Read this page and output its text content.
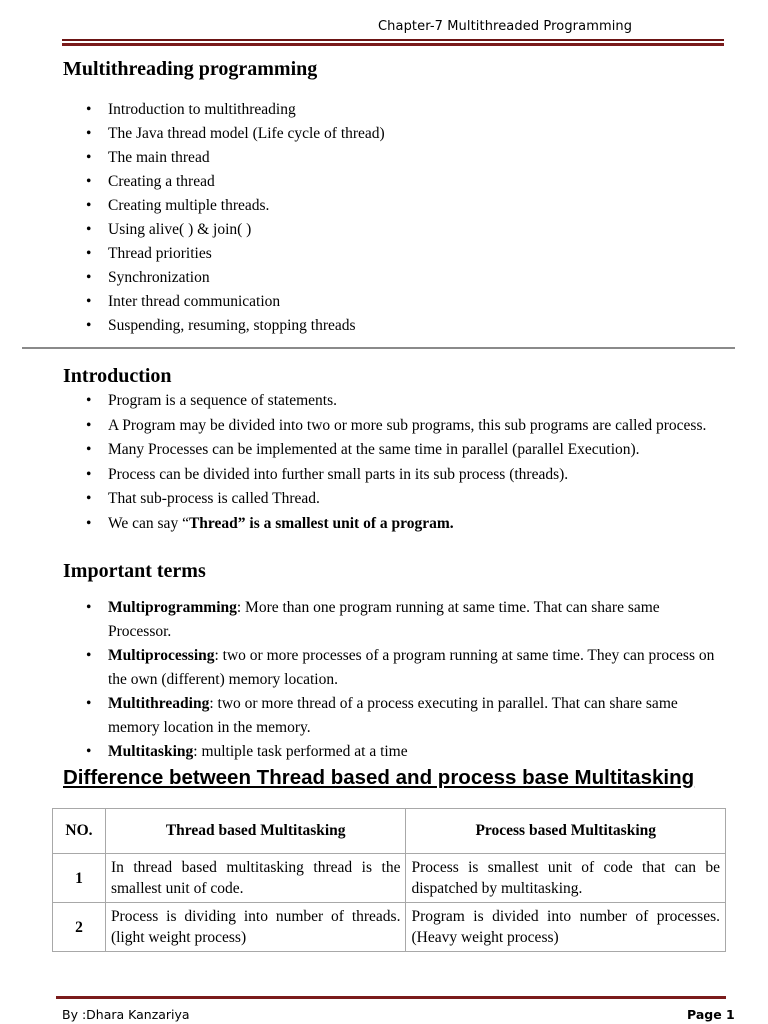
Chapter-7 Multithreaded Programming
Multithreading programming
• Introduction to multithreading
• The Java thread model (Life cycle of thread)
• The main thread
• Creating a thread
• Creating multiple threads.
• Using alive( ) & join( )
• Thread priorities
• Synchronization
• Inter thread communication
• Suspending, resuming, stopping threads
Introduction
• Program is a sequence of statements.
• A Program may be divided into two or more sub programs, this sub programs are called process.
• Many Processes can be implemented at the same time in parallel (parallel Execution).
• Process can be divided into further small parts in its sub process (threads).
• That sub-process is called Thread.
• We can say “Thread” is a smallest unit of a program.
Important terms
• Multiprogramming: More than one program running at same time. That can share same Processor.
• Multiprocessing: two or more processes of a program running at same time. They can process on the own (different) memory location.
• Multithreading: two or more thread of a process executing in parallel. That can share same memory location in the memory.
• Multitasking: multiple task performed at a time
Difference between Thread based and process base Multitasking
NO.	Thread based Multitasking	Process based Multitasking
1	In thread based multitasking thread is the smallest unit of code.	Process is smallest unit of code that can be dispatched by multitasking.
2	Process is dividing into number of threads. (light weight process)	Program is divided into number of processes. (Heavy weight process)
By :Dhara Kanzariya	Page 1
